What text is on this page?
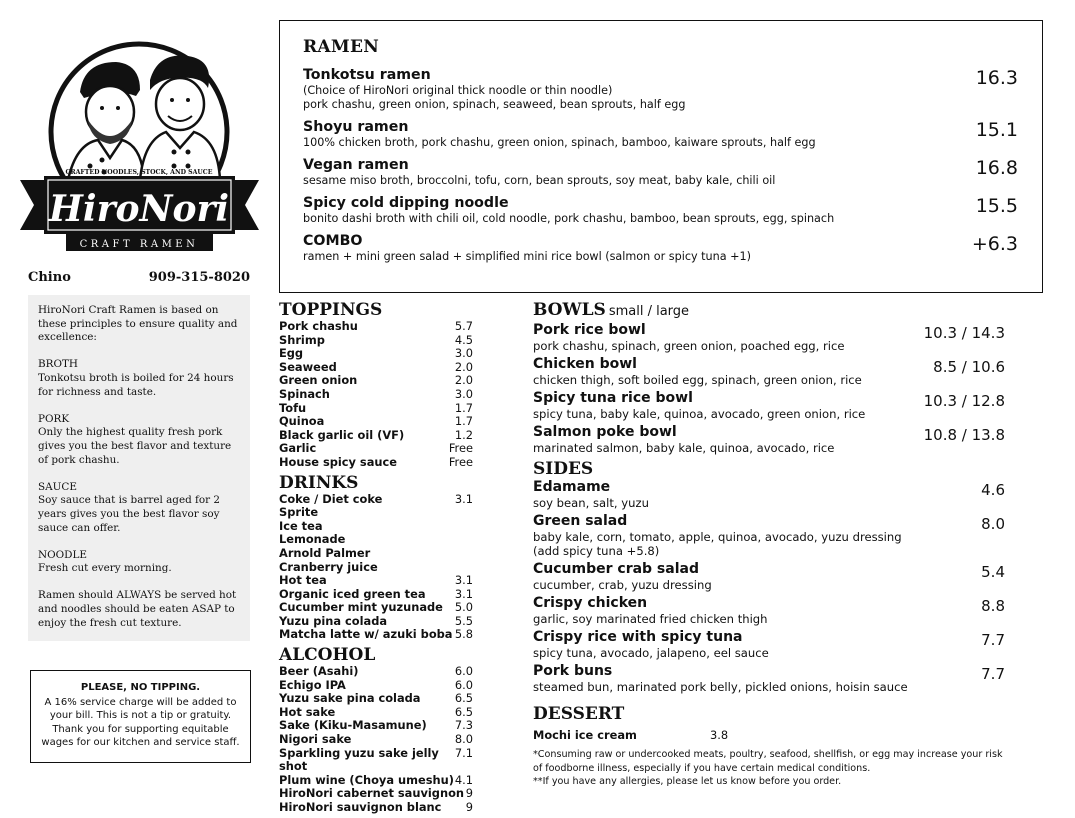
CRAFTED NOODLES, STOCK, AND SAUCE
HiroNori
CRAFT RAMEN
Chino	909-315-8020

HiroNori Craft Ramen is based on these principles to ensure quality and excellence:

BROTH
Tonkotsu broth is boiled for 24 hours for richness and taste.

PORK
Only the highest quality fresh pork gives you the best flavor and texture of pork chashu.

SAUCE
Soy sauce that is barrel aged for 2 years gives you the best flavor soy sauce can offer.

NOODLE
Fresh cut every morning.

Ramen should ALWAYS be served hot and noodles should be eaten ASAP to enjoy the fresh cut texture.

PLEASE, NO TIPPING.
A 16% service charge will be added to your bill. This is not a tip or gratuity. Thank you for supporting equitable wages for our kitchen and service staff.
RAMEN
Tonkotsu ramen
(Choice of HiroNori original thick noodle or thin noodle)
pork chashu, green onion, spinach, seaweed, bean sprouts, half egg
16.3
Shoyu ramen
100% chicken broth, pork chashu, green onion, spinach, bamboo, kaiware sprouts, half egg
15.1
Vegan ramen
sesame miso broth, broccolni, tofu, corn, bean sprouts, soy meat, baby kale, chili oil
16.8
Spicy cold dipping noodle
bonito dashi broth with chili oil, cold noodle, pork chashu, bamboo, bean sprouts, egg, spinach
15.5
COMBO
ramen + mini green salad + simplified mini rice bowl (salmon or spicy tuna +1)
+6.3
TOPPINGS
Pork chashu	5.7
Shrimp	4.5
Egg	3.0
Seaweed	2.0
Green onion	2.0
Spinach	3.0
Tofu	1.7
Quinoa	1.7
Black garlic oil (VF)	1.2
Garlic	Free
House spicy sauce	Free
DRINKS
Coke / Diet coke	3.1
Sprite
Ice tea
Lemonade
Arnold Palmer
Cranberry juice
Hot tea	3.1
Organic iced green tea	3.1
Cucumber mint yuzunade 5.0
Yuzu pina colada	5.5
Matcha latte w/ azuki boba 5.8
ALCOHOL
Beer (Asahi)	6.0
Echigo IPA	6.0
Yuzu sake pina colada	6.5
Hot sake	6.5
Sake (Kiku-Masamune) 7.3
Nigori sake	8.0
Sparkling yuzu sake jelly shot
7.1
Plum wine (Choya umeshu) 4.1
HiroNori cabernet sauvignon 9
HiroNori sauvignon blanc 9
BOWLS small / large
Pork rice bowl
pork chashu, spinach, green onion, poached egg, rice
10.3 / 14.3
Chicken bowl
chicken thigh, soft boiled egg, spinach, green onion, rice
8.5 / 10.6
Spicy tuna rice bowl
spicy tuna, baby kale, quinoa, avocado, green onion, rice
10.3 / 12.8
Salmon poke bowl
marinated salmon, baby kale, quinoa, avocado, rice
10.8 / 13.8
SIDES
Edamame
soy bean, salt, yuzu
4.6
Green salad
baby kale, corn, tomato, apple, quinoa, avocado, yuzu dressing
(add spicy tuna +5.8)
8.0
Cucumber crab salad
cucumber, crab, yuzu dressing
5.4
Crispy chicken
garlic, soy marinated fried chicken thigh
8.8
Crispy rice with spicy tuna
spicy tuna, avocado, jalapeno, eel sauce
7.7
Pork buns
steamed bun, marinated pork belly, pickled onions, hoisin sauce
7.7
DESSERT
Mochi ice cream	3.8
*Consuming raw or undercooked meats, poultry, seafood, shellfish, or egg may increase your risk of foodborne illness, especially if you have certain medical conditions.
**If you have any allergies, please let us know before you order.
